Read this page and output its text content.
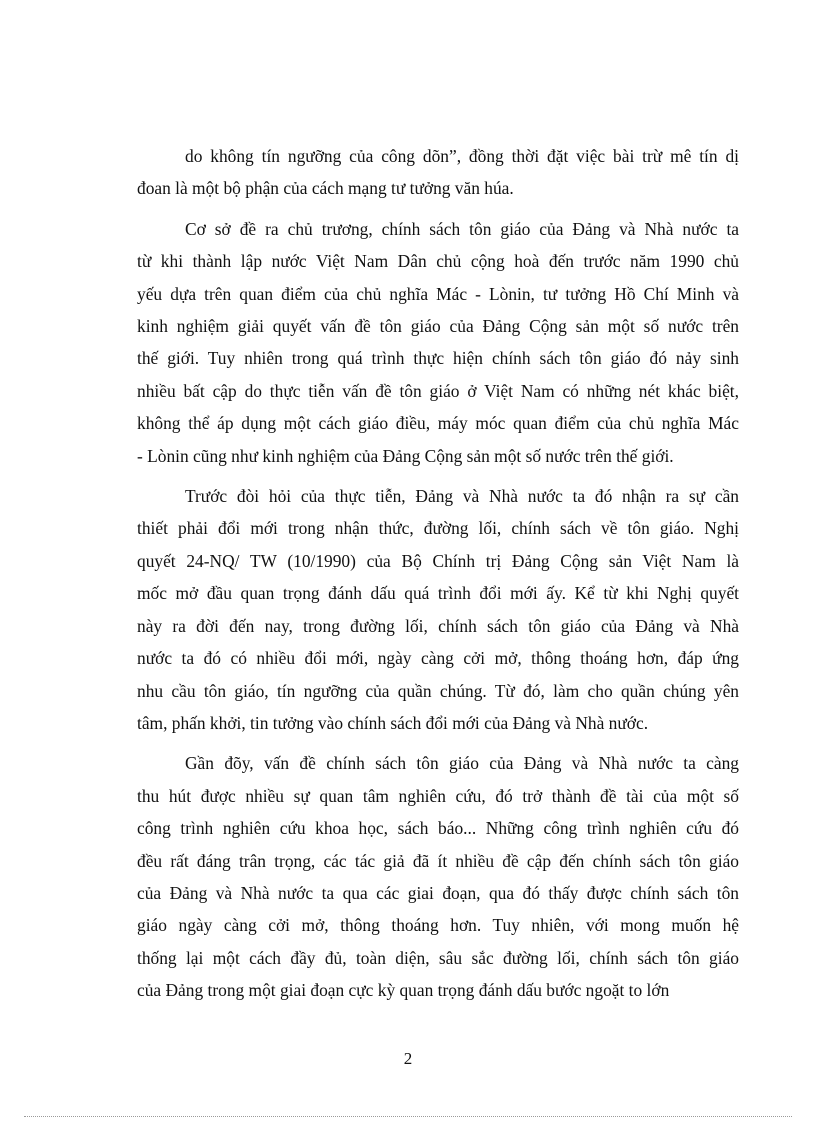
do không tín ngưỡng của công dõn”, đồng thời đặt việc bài trừ mê tín dị
đoan là một bộ phận của cách mạng tư tưởng văn húa.

Cơ sở đề ra chủ trương, chính sách tôn giáo của Đảng và Nhà nước ta
từ khi thành lập nước Việt Nam Dân chủ cộng hoà đến trước năm 1990 chủ
yếu dựa trên quan điểm của chủ nghĩa Mác - Lònin, tư tưởng Hồ Chí Minh và
kinh nghiệm giải quyết vấn đề tôn giáo của Đảng Cộng sản một số nước trên
thế giới. Tuy nhiên trong quá trình thực hiện chính sách tôn giáo đó nảy sinh
nhiều bất cập do thực tiễn vấn đề tôn giáo ở Việt Nam có những nét khác biệt,
không thể áp dụng một cách giáo điều, máy móc quan điểm của chủ nghĩa Mác
- Lònin cũng như kinh nghiệm của Đảng Cộng sản một số nước trên thế giới.

Trước đòi hỏi của thực tiễn, Đảng và Nhà nước ta đó nhận ra sự cần
thiết phải đổi mới trong nhận thức, đường lối, chính sách về tôn giáo. Nghị
quyết 24-NQ/ TW (10/1990) của Bộ Chính trị Đảng Cộng sản Việt Nam là
mốc mở đầu quan trọng đánh dấu quá trình đổi mới ấy. Kể từ khi Nghị quyết
này ra đời đến nay, trong đường lối, chính sách tôn giáo của Đảng và Nhà
nước ta đó có nhiều đổi mới, ngày càng cởi mở, thông thoáng hơn, đáp ứng
nhu cầu tôn giáo, tín ngưỡng của quần chúng. Từ đó, làm cho quần chúng yên
tâm, phấn khởi, tin tưởng vào chính sách đổi mới của Đảng và Nhà nước.

Gần đõy, vấn đề chính sách tôn giáo của Đảng và Nhà nước ta càng
thu hút được nhiều sự quan tâm nghiên cứu, đó trở thành đề tài của một số
công trình nghiên cứu khoa học, sách báo... Những công trình nghiên cứu đó
đều rất đáng trân trọng, các tác giả đã ít nhiều đề cập đến chính sách tôn giáo
của Đảng và Nhà nước ta qua các giai đoạn, qua đó thấy được chính sách tôn
giáo ngày càng cởi mở, thông thoáng hơn. Tuy nhiên, với mong muốn hệ
thống lại một cách đầy đủ, toàn diện, sâu sắc đường lối, chính sách tôn giáo
của Đảng trong một giai đoạn cực kỳ quan trọng đánh dấu bước ngoặt to lớn

2
